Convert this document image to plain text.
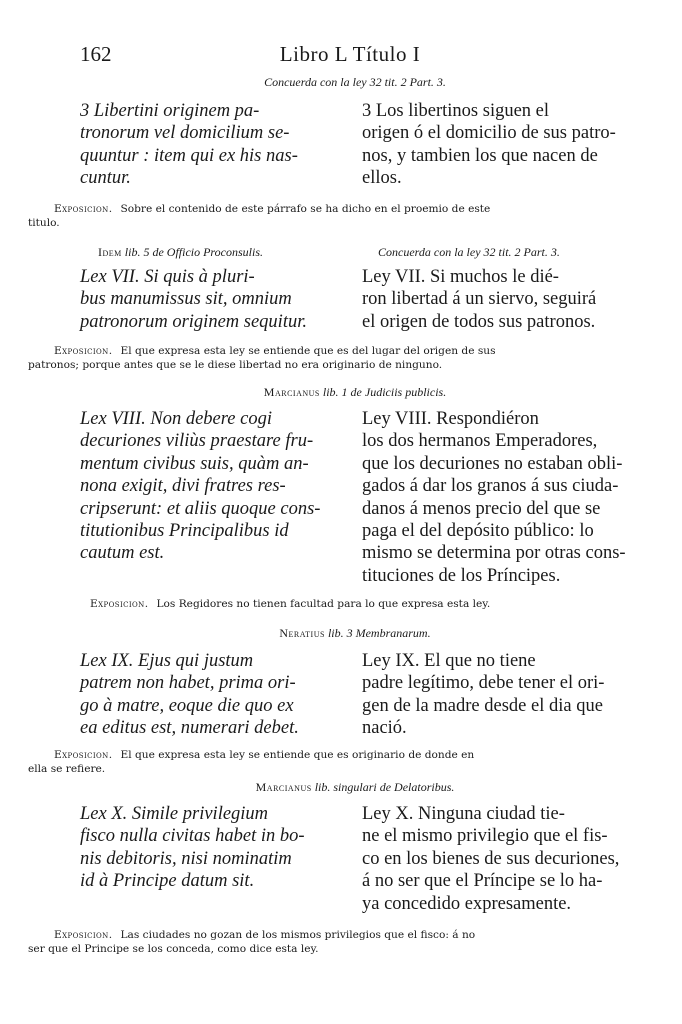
162	Libro L Título I
Concuerda con la ley 32 tit. 2 Part. 3.
3 Libertini originem pa-
tronorum vel domicilium se-
quuntur : item qui ex his nas-
cuntur.
3 Los libertinos siguen el
origen ó el domicilio de sus patro-
nos, y tambien los que nacen de
ellos.
Exposicion. Sobre el contenido de este párrafo se ha dicho en el proemio de este
titulo.
Idem lib. 5 de Officio Proconsulis.	Concuerda con la ley 32 tit. 2 Part. 3.
Lex VII. Si quis à pluri-
bus manumissus sit, omnium
patronorum originem sequitur.
Ley VII. Si muchos le dié-
ron libertad á un siervo, seguirá
el origen de todos sus patronos.
Exposicion. El que expresa esta ley se entiende que es del lugar del origen de sus
patronos; porque antes que se le diese libertad no era originario de ninguno.
Marcianus lib. 1 de Judiciis publicis.
Lex VIII. Non debere cogi
decuriones viliùs praestare fru-
mentum civibus suis, quàm an-
nona exigit, divi fratres res-
cripserunt: et aliis quoque cons-
titutionibus Principalibus id
cautum est.
Ley VIII. Respondiéron
los dos hermanos Emperadores,
que los decuriones no estaban obli-
gados á dar los granos á sus ciuda-
danos á menos precio del que se
paga el del depósito público: lo
mismo se determina por otras cons-
tituciones de los Príncipes.
Exposicion. Los Regidores no tienen facultad para lo que expresa esta ley.
Neratius lib. 3 Membranarum.
Lex IX. Ejus qui justum
patrem non habet, prima ori-
go à matre, eoque die quo ex
ea editus est, numerari debet.
Ley IX. El que no tiene
padre legítimo, debe tener el ori-
gen de la madre desde el dia que
nació.
Exposicion. El que expresa esta ley se entiende que es originario de donde en
ella se refiere.
Marcianus lib. singulari de Delatoribus.
Lex X. Simile privilegium
fisco nulla civitas habet in bo-
nis debitoris, nisi nominatim
id à Principe datum sit.
Ley X. Ninguna ciudad tie-
ne el mismo privilegio que el fis-
co en los bienes de sus decuriones,
á no ser que el Príncipe se lo ha-
ya concedido expresamente.
Exposicion. Las ciudades no gozan de los mismos privilegios que el fisco: á no
ser que el Principe se los conceda, como dice esta ley.
